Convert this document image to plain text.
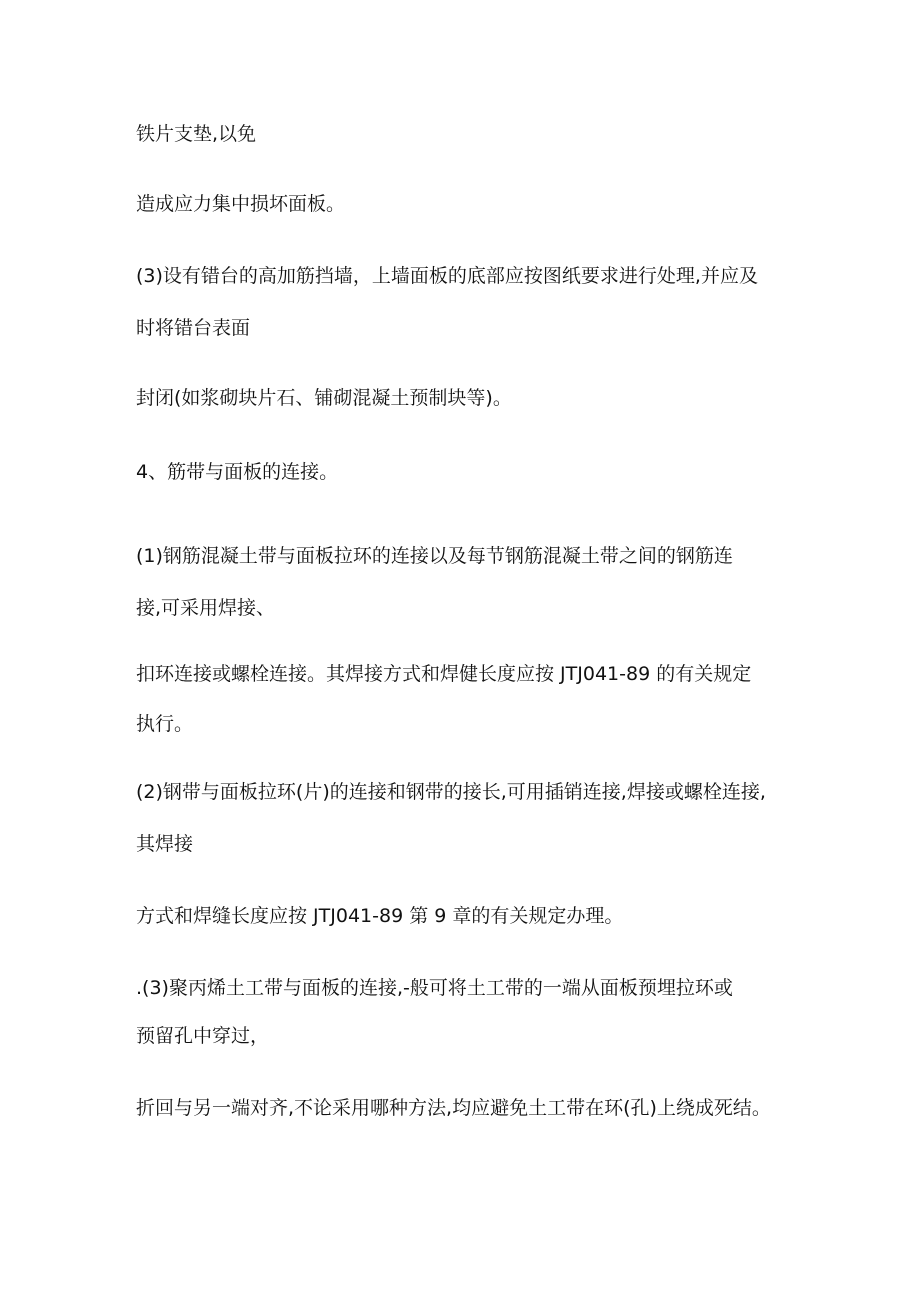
铁片支垫,以免
造成应力集中损坏面板。
(3)设有错台的高加筋挡墙，上墙面板的底部应按图纸要求进行处理,并应及
时将错台表面
封闭(如浆砌块片石、铺砌混凝土预制块等)。
4、筋带与面板的连接。
(1)钢筋混凝土带与面板拉环的连接以及每节钢筋混凝土带之间的钢筋连
接,可采用焊接、
扣环连接或螺栓连接。其焊接方式和焊健长度应按 JTJ041-89 的有关规定
执行。
(2)钢带与面板拉环(片)的连接和钢带的接长,可用插销连接,焊接或螺栓连接,
其焊接
方式和焊缝长度应按 JTJ041-89 第 9 章的有关规定办理。
.(3)聚丙烯土工带与面板的连接,-般可将土工带的一端从面板预埋拉环或
预留孔中穿过，
折回与另一端对齐,不论采用哪种方法,均应避免土工带在环(孔)上绕成死结。
